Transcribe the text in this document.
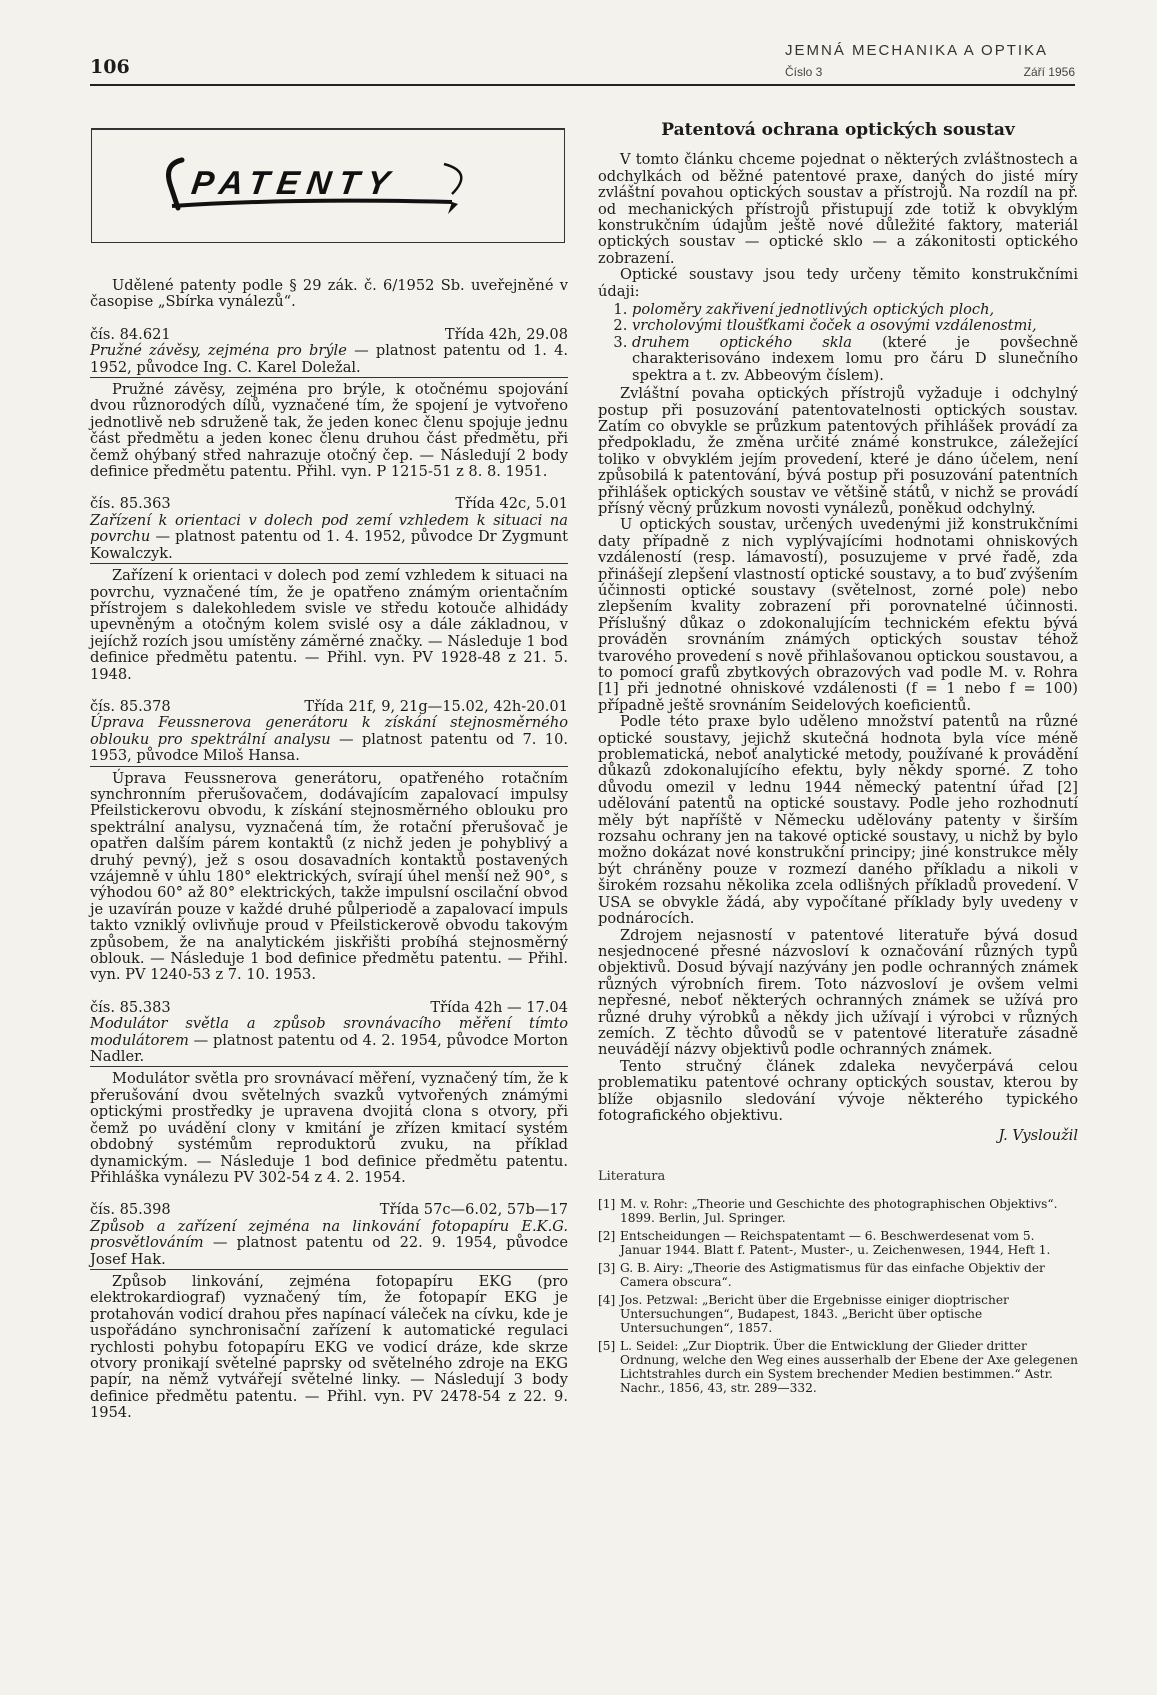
106
JEMNÁ MECHANIKA A OPTIKA
Číslo 3	Září 1956
PATENTY

Udělené patenty podle § 29 zák. č. 6/1952 Sb. uveřejněné v časopise „Sbírka vynálezů“.

čís. 84.621	Třída 42h, 29.08

Pružné závěsy, zejména pro brýle — platnost patentu od 1. 4. 1952, původce Ing. C. Karel Doležal.

Pružné závěsy, zejména pro brýle, k otočnému spojování dvou různorodých dílů, vyznačené tím, že spojení je vytvořeno jednotlivě neb sdruženě tak, že jeden konec členu spojuje jednu část předmětu a jeden konec členu druhou část předmětu, při čemž ohýbaný střed nahrazuje otočný čep. — Následují 2 body definice předmětu patentu. Přihl. vyn. P 1215-51 z 8. 8. 1951.

čís. 85.363	Třída 42c, 5.01

Zařízení k orientaci v dolech pod zemí vzhledem k situaci na povrchu — platnost patentu od 1. 4. 1952, původce Dr Zygmunt Kowalczyk.

Zařízení k orientaci v dolech pod zemí vzhledem k situaci na povrchu, vyznačené tím, že je opatřeno známým orientačním přístrojem s dalekohledem svisle ve středu kotouče alhidády upevněným a otočným kolem svislé osy a dále základnou, v jejíchž rozích jsou umístěny záměrné značky. — Následuje 1 bod definice předmětu patentu. — Přihl. vyn. PV 1928-48 z 21. 5. 1948.

čís. 85.378	Třída 21f, 9, 21g—15.02, 42h-20.01

Úprava Feussnerova generátoru k získání stejnosměrného oblouku pro spektrální analysu — platnost patentu od 7. 10. 1953, původce Miloš Hansa.

Úprava Feussnerova generátoru, opatřeného rotačním synchronním přerušovačem, dodávajícím zapalovací impulsy Pfeilstickerovu obvodu, k získání stejnosměrného oblouku pro spektrální analysu, vyznačená tím, že rotační přerušovač je opatřen dalším párem kontaktů (z nichž jeden je pohyblivý a druhý pevný), jež s osou dosavadních kontaktů postavených vzájemně v úhlu 180° elektrických, svírají úhel menší než 90°, s výhodou 60° až 80° elektrických, takže impulsní oscilační obvod je uzavírán pouze v každé druhé půlperiodě a zapalovací impuls takto vzniklý ovlivňuje proud v Pfeilstickerově obvodu takovým způsobem, že na analytickém jiskřišti probíhá stejnosměrný oblouk. — Následuje 1 bod definice předmětu patentu. — Přihl. vyn. PV 1240-53 z 7. 10. 1953.

čís. 85.383	Třída 42h — 17.04

Modulátor světla a způsob srovnávacího měření tímto modulátorem — platnost patentu od 4. 2. 1954, původce Morton Nadler.

Modulátor světla pro srovnávací měření, vyznačený tím, že k přerušování dvou světelných svazků vytvořených známými optickými prostředky je upravena dvojitá clona s otvory, při čemž po uvádění clony v kmitání je zřízen kmitací systém obdobný systémům reproduktorů zvuku, na příklad dynamickým. — Následuje 1 bod definice předmětu patentu. Přihláška vynálezu PV 302-54 z 4. 2. 1954.

čís. 85.398	Třída 57c—6.02, 57b—17

Způsob a zařízení zejména na linkování fotopapíru E.K.G. prosvětlováním — platnost patentu od 22. 9. 1954, původce Josef Hak.

Způsob linkování, zejména fotopapíru EKG (pro elektrokardiograf) vyznačený tím, že fotopapír EKG je protahován vodicí drahou přes napínací váleček na cívku, kde je uspořádáno synchronisační zařízení k automatické regulaci rychlosti pohybu fotopapíru EKG ve vodicí dráze, kde skrze otvory pronikají světelné paprsky od světelného zdroje na EKG papír, na němž vytvářejí světelné linky. — Následují 3 body definice předmětu patentu. — Přihl. vyn. PV 2478-54 z 22. 9. 1954.

Patentová ochrana optických soustav

V tomto článku chceme pojednat o některých zvláštnostech a odchylkách od běžné patentové praxe, daných do jisté míry zvláštní povahou optických soustav a přístrojů. Na rozdíl na př. od mechanických přístrojů přistupují zde totiž k obvyklým konstrukčním údajům ještě nové důležité faktory, materiál optických soustav — optické sklo — a zákonitosti optického zobrazení.

Optické soustavy jsou tedy určeny těmito konstrukčními údaji:

1. poloměry zakřivení jednotlivých optických ploch,
2. vrcholovými tloušťkami čoček a osovými vzdálenostmi,
3. druhem optického skla (které je povšechně charakterisováno indexem lomu pro čáru D slunečního spektra a t. zv. Abbeovým číslem).

Zvláštní povaha optických přístrojů vyžaduje i odchylný postup při posuzování patentovatelnosti optických soustav. Zatím co obvykle se průzkum patentových přihlášek provádí za předpokladu, že změna určité známé konstrukce, záležející toliko v obvyklém jejím provedení, které je dáno účelem, není způsobilá k patentování, bývá postup při posuzování patentních přihlášek optických soustav ve většině států, v nichž se provádí přísný věcný průzkum novosti vynálezů, poněkud odchylný.

U optických soustav, určených uvedenými již konstrukčními daty případně z nich vyplývajícími hodnotami ohniskových vzdáleností (resp. lámavostí), posuzujeme v prvé řadě, zda přinášejí zlepšení vlastností optické soustavy, a to buď zvýšením účinnosti optické soustavy (světelnost, zorné pole) nebo zlepšením kvality zobrazení při porovnatelné účinnosti. Příslušný důkaz o zdokonalujícím technickém efektu bývá prováděn srovnáním známých optických soustav téhož tvarového provedení s nově přihlašovanou optickou soustavou, a to pomocí grafů zbytkových obrazových vad podle M. v. Rohra [1] při jednotné ohniskové vzdálenosti (f = 1 nebo f = 100) případně ještě srovnáním Seidelových koeficientů.

Podle této praxe bylo uděleno množství patentů na různé optické soustavy, jejichž skutečná hodnota byla více méně problematická, neboť analytické metody, používané k provádění důkazů zdokonalujícího efektu, byly někdy sporné. Z toho důvodu omezil v lednu 1944 německý patentní úřad [2] udělování patentů na optické soustavy. Podle jeho rozhodnutí měly být napříště v Německu udělovány patenty v širším rozsahu ochrany jen na takové optické soustavy, u nichž by bylo možno dokázat nové konstrukční principy; jiné konstrukce měly být chráněny pouze v rozmezí daného příkladu a nikoli v širokém rozsahu několika zcela odlišných příkladů provedení. V USA se obvykle žádá, aby vypočítané příklady byly uvedeny v podnárocích.

Zdrojem nejasností v patentové literatuře bývá dosud nesjednocené přesné názvosloví k označování různých typů objektivů. Dosud bývají nazývány jen podle ochranných známek různých výrobních firem. Toto názvosloví je ovšem velmi nepřesné, neboť některých ochranných známek se užívá pro různé druhy výrobků a někdy jich užívají i výrobci v různých zemích. Z těchto důvodů se v patentové literatuře zásadně neuvádějí názvy objektivů podle ochranných známek.

Tento stručný článek zdaleka nevyčerpává celou problematiku patentové ochrany optických soustav, kterou by blíže objasnilo sledování vývoje některého typického fotografického objektivu.

J. Vysloužil
Literatura
[1] M. v. Rohr: „Theorie und Geschichte des photographischen Objektivs“. 1899. Berlin, Jul. Springer.
[2] Entscheidungen — Reichspatentamt — 6. Beschwerdesenat vom 5. Januar 1944. Blatt f. Patent-, Muster-, u. Zeichenwesen, 1944, Heft 1.
[3] G. B. Airy: „Theorie des Astigmatismus für das einfache Objektiv der Camera obscura“.
[4] Jos. Petzwal: „Bericht über die Ergebnisse einiger dioptrischer Untersuchungen“, Budapest, 1843. „Bericht über optische Untersuchungen“, 1857.
[5] L. Seidel: „Zur Dioptrik. Über die Entwicklung der Glieder dritter Ordnung, welche den Weg eines ausserhalb der Ebene der Axe gelegenen Lichtstrahles durch ein System brechender Medien bestimmen.“ Astr. Nachr., 1856, 43, str. 289—332.
